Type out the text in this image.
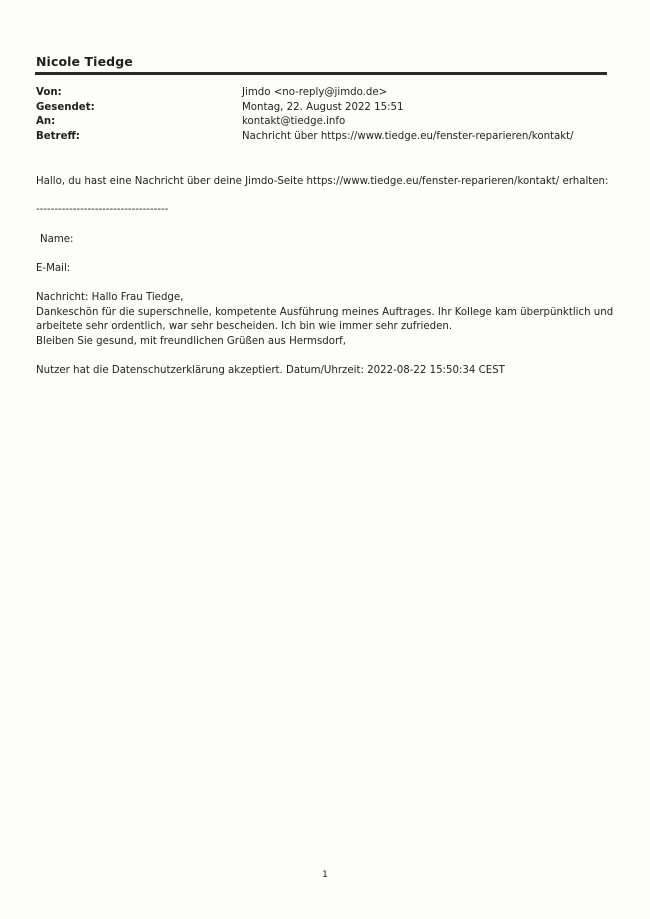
Nicole Tiedge
Von:	Jimdo <no-reply@jimdo.de>
Gesendet:	Montag, 22. August 2022 15:51
An:	kontakt@tiedge.info
Betreff:	Nachricht über https://www.tiedge.eu/fenster-reparieren/kontakt/
Hallo, du hast eine Nachricht über deine Jimdo-Seite https://www.tiedge.eu/fenster-reparieren/kontakt/ erhalten:
------------------------------------
Name:
E-Mail:
Nachricht: Hallo Frau Tiedge,
Dankeschön für die superschnelle, kompetente Ausführung meines Auftrages. Ihr Kollege kam überpünktlich und
arbeitete sehr ordentlich, war sehr bescheiden. Ich bin wie immer sehr zufrieden.
Bleiben Sie gesund, mit freundlichen Grüßen aus Hermsdorf,
Nutzer hat die Datenschutzerklärung akzeptiert. Datum/Uhrzeit: 2022-08-22 15:50:34 CEST
1
